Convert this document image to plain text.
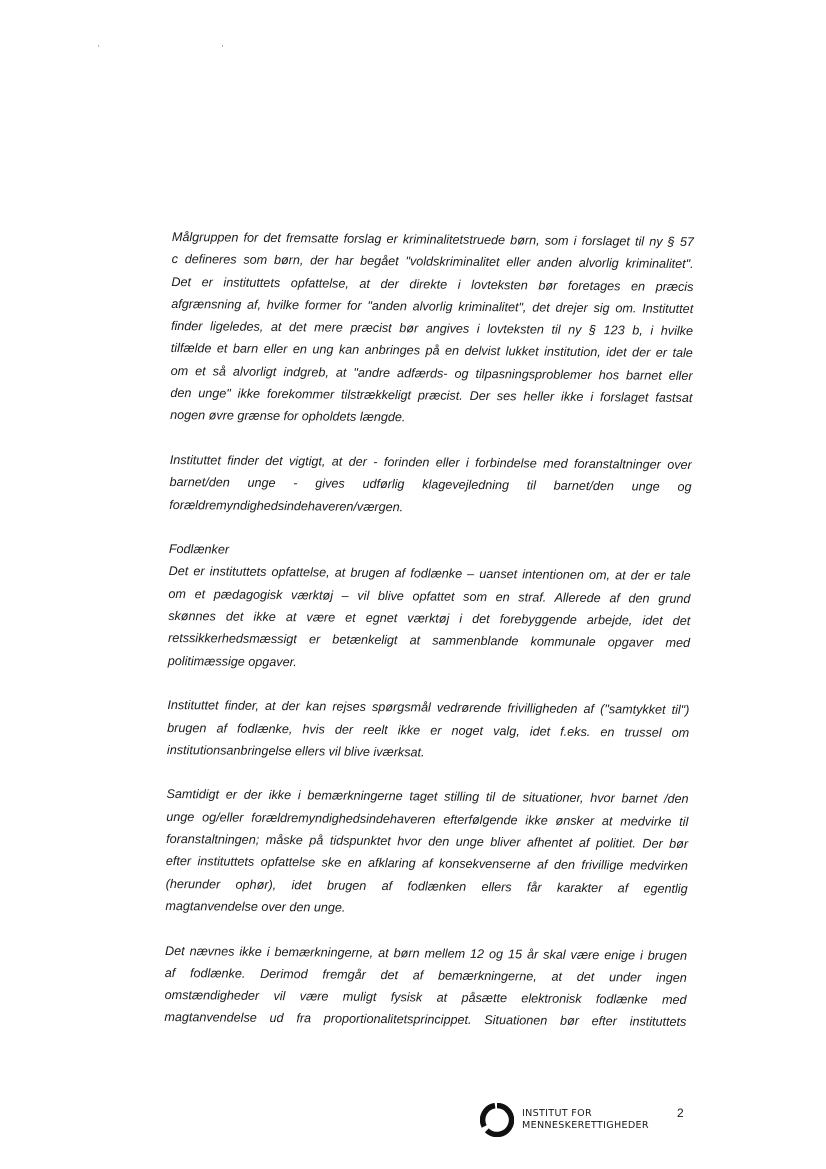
' '

Målgruppen for det fremsatte forslag er kriminalitetstruede børn, som i forslaget til ny § 57
c defineres som børn, der har begået "voldskriminalitet eller anden alvorlig kriminalitet".
Det er instituttets opfattelse, at der direkte i lovteksten bør foretages en præcis
afgrænsning af, hvilke former for "anden alvorlig kriminalitet", det drejer sig om. Instituttet
finder ligeledes, at det mere præcist bør angives i lovteksten til ny § 123 b, i hvilke
tilfælde et barn eller en ung kan anbringes på en delvist lukket institution, idet der er tale
om et så alvorligt indgreb, at "andre adfærds- og tilpasningsproblemer hos barnet eller
den unge" ikke forekommer tilstrækkeligt præcist. Der ses heller ikke i forslaget fastsat
nogen øvre grænse for opholdets længde.

Instituttet finder det vigtigt, at der - forinden eller i forbindelse med foranstaltninger over
barnet/den unge - gives udførlig klagevejledning til barnet/den unge og
forældremyndighedsindehaveren/værgen.

Fodlænker
Det er instituttets opfattelse, at brugen af fodlænke – uanset intentionen om, at der er tale
om et pædagogisk værktøj – vil blive opfattet som en straf. Allerede af den grund
skønnes det ikke at være et egnet værktøj i det forebyggende arbejde, idet det
retssikkerhedsmæssigt er betænkeligt at sammenblande kommunale opgaver med
politimæssige opgaver.

Instituttet finder, at der kan rejses spørgsmål vedrørende frivilligheden af ("samtykket til")
brugen af fodlænke, hvis der reelt ikke er noget valg, idet f.eks. en trussel om
institutionsanbringelse ellers vil blive iværksat.

Samtidigt er der ikke i bemærkningerne taget stilling til de situationer, hvor barnet /den
unge og/eller forældremyndighedsindehaveren efterfølgende ikke ønsker at medvirke til
foranstaltningen; måske på tidspunktet hvor den unge bliver afhentet af politiet. Der bør
efter instituttets opfattelse ske en afklaring af konsekvenserne af den frivillige medvirken
(herunder ophør), idet brugen af fodlænken ellers får karakter af egentlig
magtanvendelse over den unge.

Det nævnes ikke i bemærkningerne, at børn mellem 12 og 15 år skal være enige i brugen
af fodlænke. Derimod fremgår det af bemærkningerne, at det under ingen
omstændigheder vil være muligt fysisk at påsætte elektronisk fodlænke med
magtanvendelse ud fra proportionalitetsprincippet. Situationen bør efter instituttets

INSTITUT FOR
MENNESKERETTIGHEDER
2
